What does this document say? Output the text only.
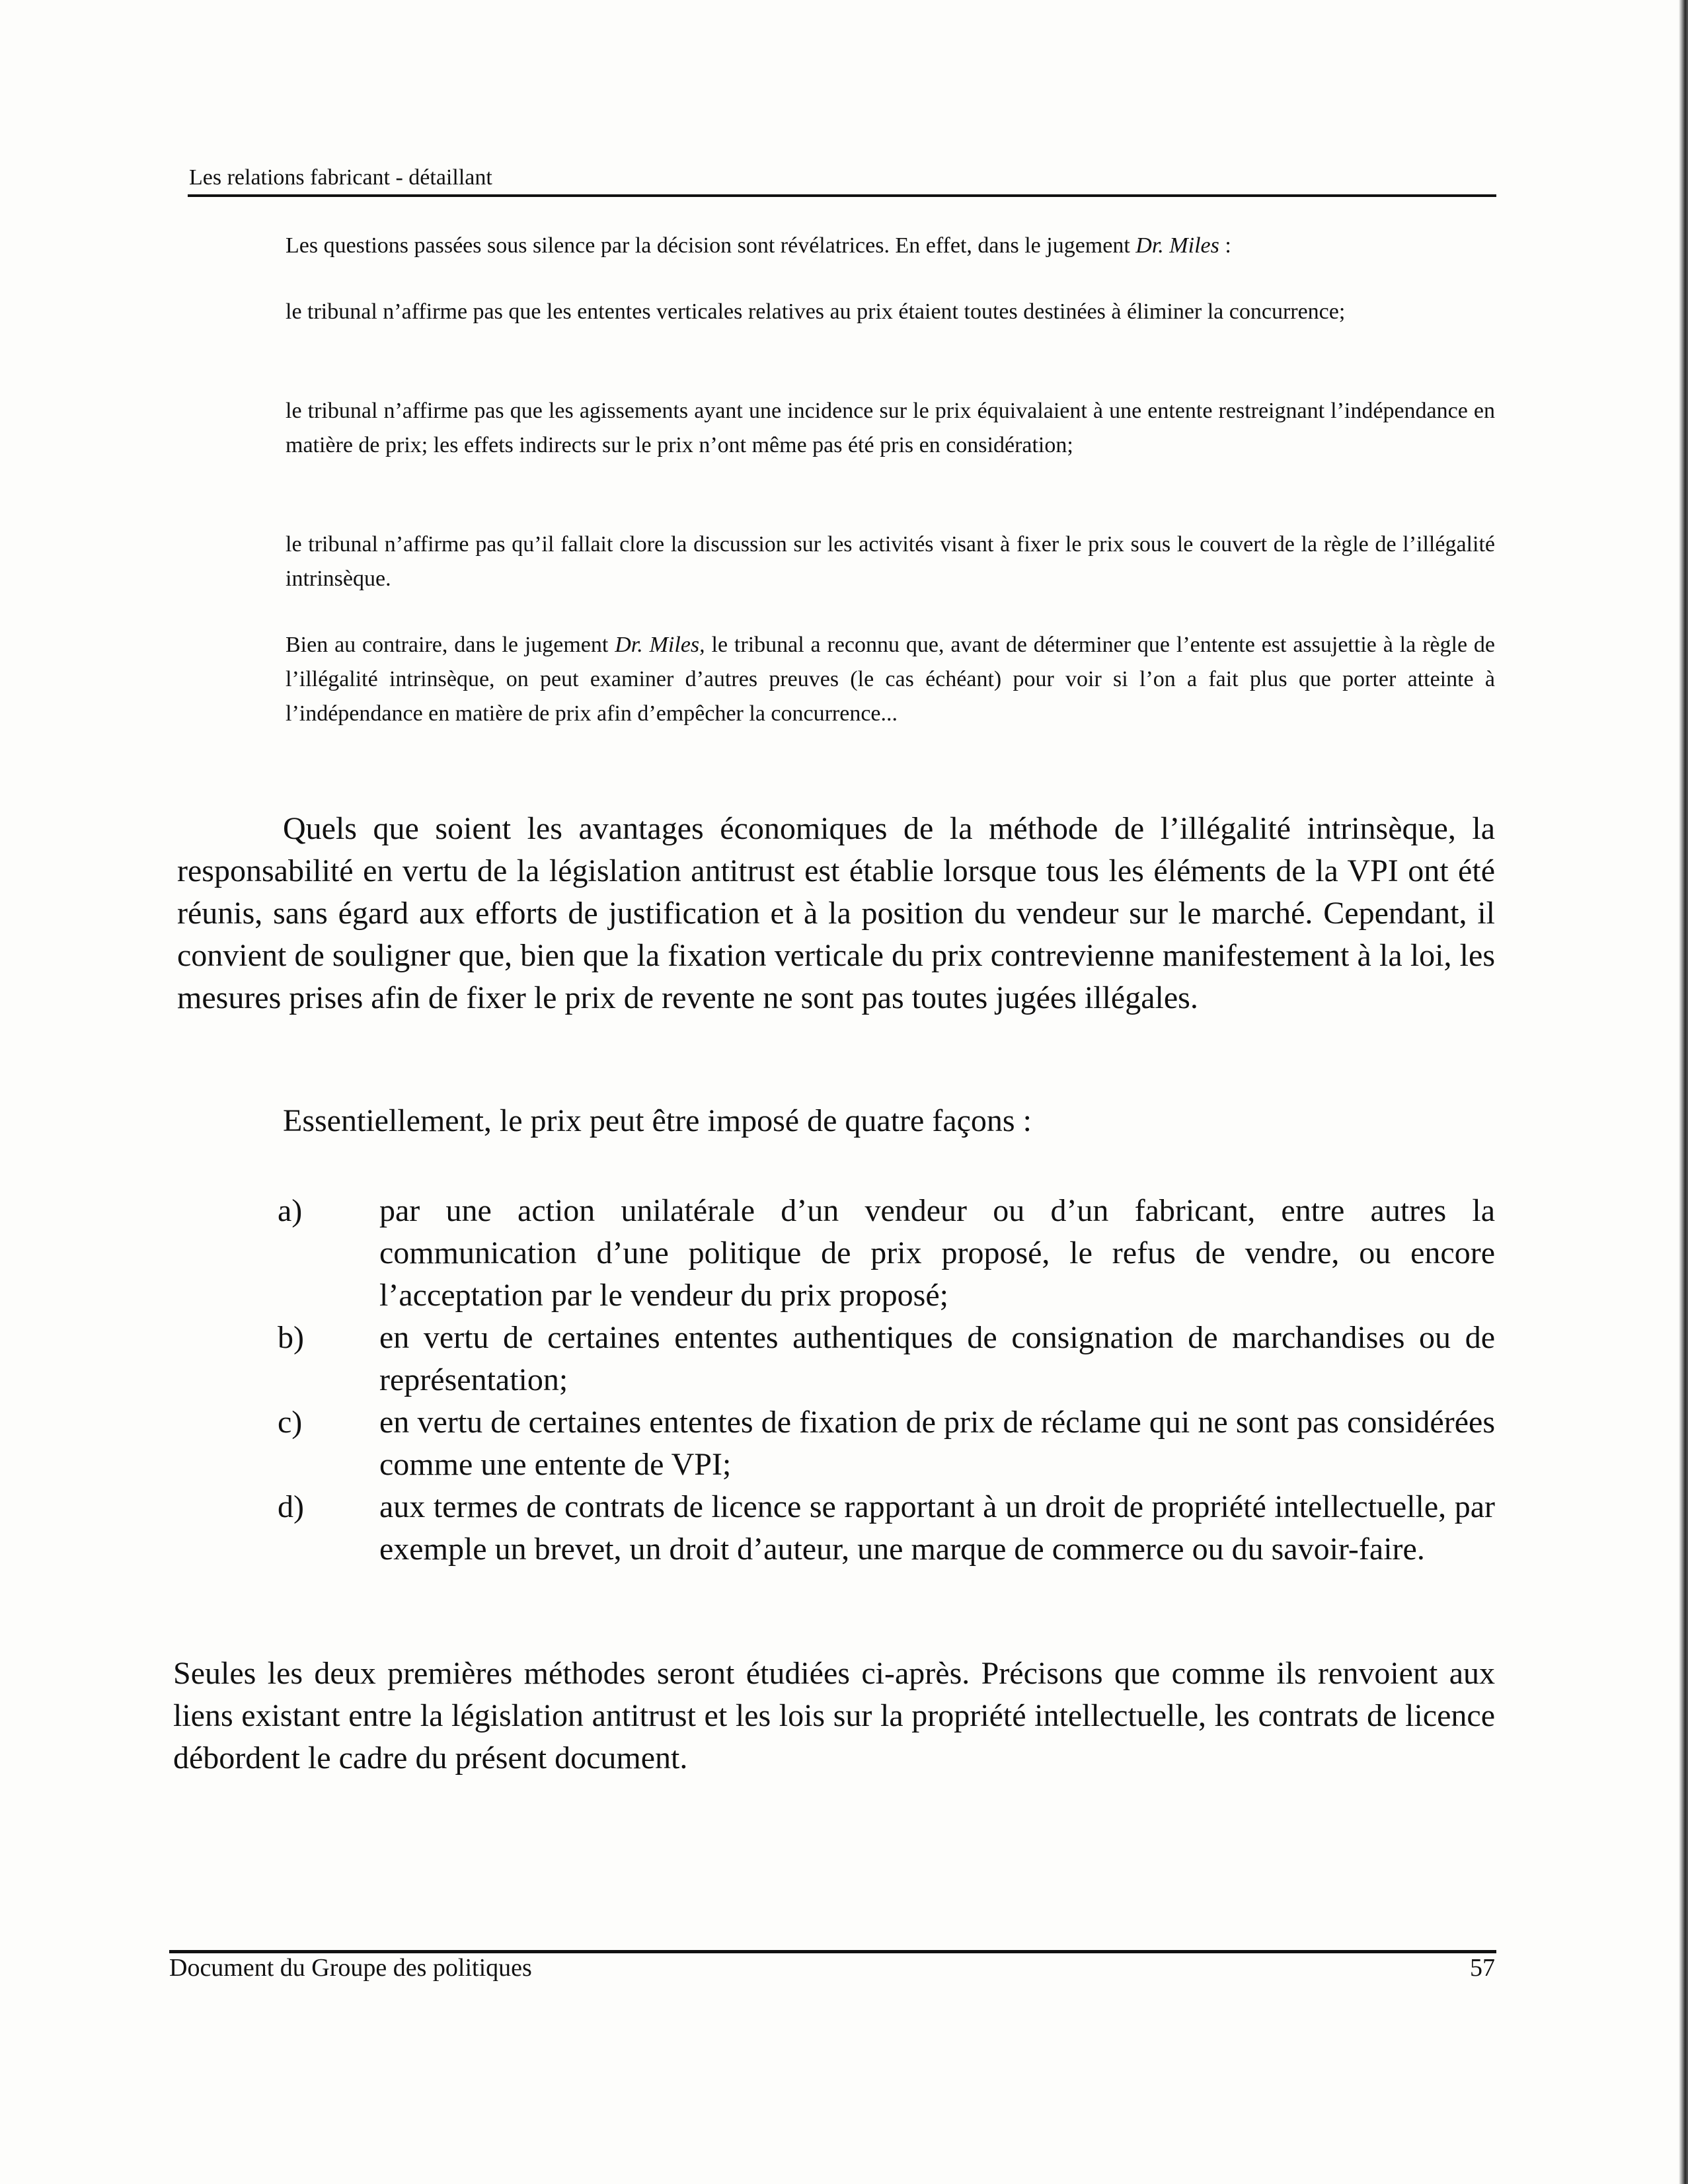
Les relations fabricant - détaillant

Les questions passées sous silence par la décision sont révélatrices. En effet, dans le jugement Dr. Miles :

le tribunal n’affirme pas que les ententes verticales relatives au prix étaient toutes destinées à éliminer la concurrence;

le tribunal n’affirme pas que les agissements ayant une incidence sur le prix équivalaient à une entente restreignant l’indépendance en matière de prix; les effets indirects sur le prix n’ont même pas été pris en considération;

le tribunal n’affirme pas qu’il fallait clore la discussion sur les activités visant à fixer le prix sous le couvert de la règle de l’illégalité intrinsèque.

Bien au contraire, dans le jugement Dr. Miles, le tribunal a reconnu que, avant de déterminer que l’entente est assujettie à la règle de l’illégalité intrinsèque, on peut examiner d’autres preuves (le cas échéant) pour voir si l’on a fait plus que porter atteinte à l’indépendance en matière de prix afin d’empêcher la concurrence...

Quels que soient les avantages économiques de la méthode de l’illégalité intrinsèque, la responsabilité en vertu de la législation antitrust est établie lorsque tous les éléments de la VPI ont été réunis, sans égard aux efforts de justification et à la position du vendeur sur le marché. Cependant, il convient de souligner que, bien que la fixation verticale du prix contrevienne manifestement à la loi, les mesures prises afin de fixer le prix de revente ne sont pas toutes jugées illégales.

Essentiellement, le prix peut être imposé de quatre façons :

a)	par une action unilatérale d’un vendeur ou d’un fabricant, entre autres la communication d’une politique de prix proposé, le refus de vendre, ou encore l’acceptation par le vendeur du prix proposé;
b)	en vertu de certaines ententes authentiques de consignation de marchandises ou de représentation;
c)	en vertu de certaines ententes de fixation de prix de réclame qui ne sont pas considérées comme une entente de VPI;
d)	aux termes de contrats de licence se rapportant à un droit de propriété intellectuelle, par exemple un brevet, un droit d’auteur, une marque de commerce ou du savoir-faire.

Seules les deux premières méthodes seront étudiées ci-après. Précisons que comme ils renvoient aux liens existant entre la législation antitrust et les lois sur la propriété intellectuelle, les contrats de licence débordent le cadre du présent document.

Document du Groupe des politiques	57
